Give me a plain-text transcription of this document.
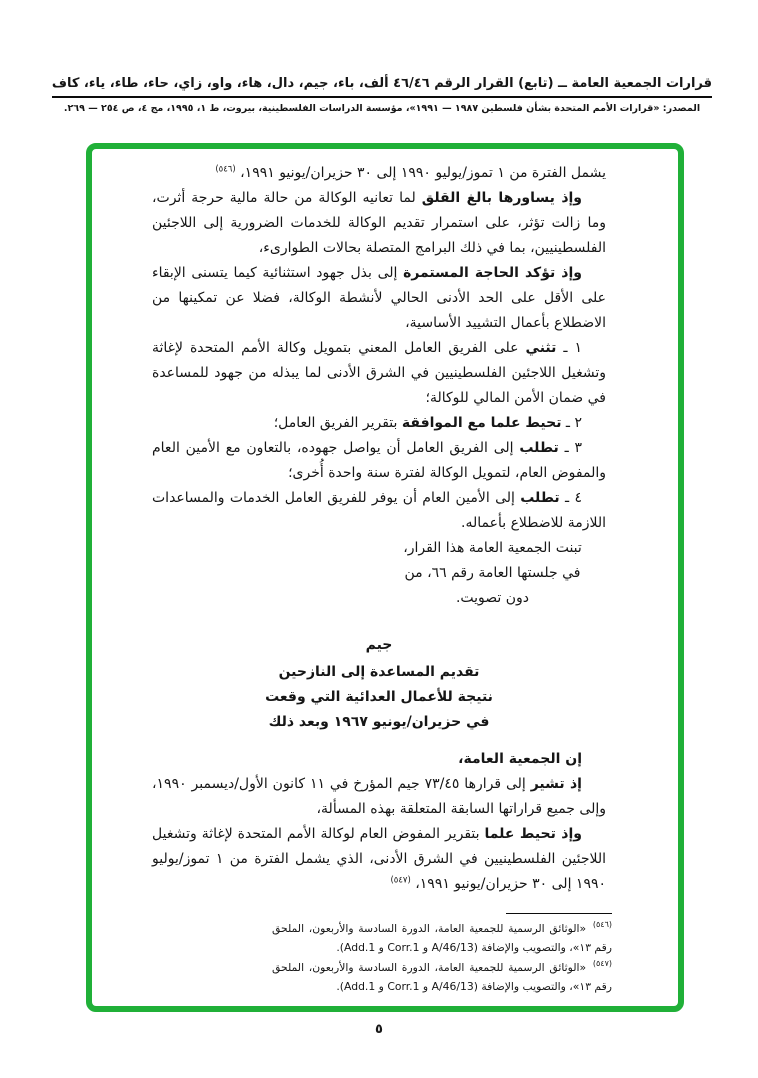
قرارات الجمعية العامة ــ (تابع) القرار الرقم ٤٦/٤٦ ألف، باء، جيم، دال، هاء، واو، زاي، حاء، طاء، ياء، كاف
المصدر: «قرارات الأمم المتحدة بشأن فلسطين ١٩٨٧ — ١٩٩١»، مؤسسة الدراسات الفلسطينية، بيروت، ط ١، ١٩٩٥، مج ٤، ص ٢٥٤ — ٢٦٩.

يشمل الفترة من ١ تموز/يوليو ١٩٩٠ إلى ٣٠ حزيران/يونيو ١٩٩١، $^{(٥٤٦)}$

وإذ يساورها بالغ القلق لما تعانيه الوكالة من حالة مالية حرجة أثرت، وما زالت تؤثر، على استمرار تقديم الوكالة للخدمات الضرورية إلى اللاجئين الفلسطينيين، بما في ذلك البرامج المتصلة بحالات الطوارىء،

وإذ تؤكد الحاجة المستمرة إلى بذل جهود استثنائية كيما يتسنى الإبقاء على الأقل على الحد الأدنى الحالي لأنشطة الوكالة، فضلا عن تمكينها من الاضطلاع بأعمال التشييد الأساسية،

١ ـ تثني على الفريق العامل المعني بتمويل وكالة الأمم المتحدة لإغاثة وتشغيل اللاجئين الفلسطينيين في الشرق الأدنى لما يبذله من جهود للمساعدة في ضمان الأمن المالي للوكالة؛

٢ ـ تحيط علما مع الموافقة بتقرير الفريق العامل؛

٣ ـ تطلب إلى الفريق العامل أن يواصل جهوده، بالتعاون مع الأمين العام والمفوض العام، لتمويل الوكالة لفترة سنة واحدة أُخرى؛

٤ ـ تطلب إلى الأمين العام أن يوفر للفريق العامل الخدمات والمساعدات اللازمة للاضطلاع بأعماله.

تبنت الجمعية العامة هذا القرار،

في جلستها العامة رقم ٦٦، من

دون تصويت.

جيم

تقديم المساعدة إلى النازحين

نتيجة للأعمال العدائية التي وقعت

في حزيران/يونيو ١٩٦٧ وبعد ذلك

إن الجمعية العامة،

إذ تشير إلى قرارها ٤٥‏/‏٧٣ جيم المؤرخ في ١١ كانون الأول/ديسمبر ١٩٩٠، وإلى جميع قراراتها السابقة المتعلقة بهذه المسألة،

وإذ تحيط علما بتقرير المفوض العام لوكالة الأمم المتحدة لإغاثة وتشغيل اللاجئين الفلسطينيين في الشرق الأدنى، الذي يشمل الفترة من ١ تموز/يوليو ١٩٩٠ إلى ٣٠ حزيران/يونيو ١٩٩١، $^{(٥٤٧)}$

$^{(٥٤٦)}$ «الوثائق الرسمية للجمعية العامة، الدورة السادسة والأربعون، الملحق رقم ١٣»، والتصويب والإضافة (A/46/13 و Corr.1 و Add.1).
$^{(٥٤٧)}$ «الوثائق الرسمية للجمعية العامة، الدورة السادسة والأربعون، الملحق رقم ١٣»، والتصويب والإضافة (A/46/13 و Corr.1 و Add.1).
٥
